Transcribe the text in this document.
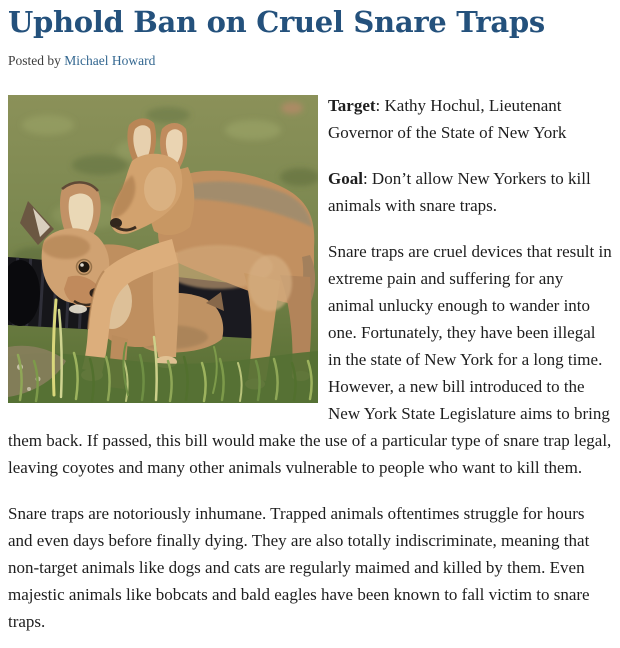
Uphold Ban on Cruel Snare Traps

Posted by Michael Howard

Target: Kathy Hochul, Lieutenant Governor of the State of New York

Goal: Don’t allow New Yorkers to kill animals with snare traps.

Snare traps are cruel devices that result in extreme pain and suffering for any animal unlucky enough to wander into one. Fortunately, they have been illegal in the state of New York for a long time. However, a new bill introduced to the New York State Legislature aims to bring them back. If passed, this bill would make the use of a particular type of snare trap legal, leaving coyotes and many other animals vulnerable to people who want to kill them.

Snare traps are notoriously inhumane. Trapped animals oftentimes struggle for hours and even days before finally dying. They are also totally indiscriminate, meaning that non-target animals like dogs and cats are regularly maimed and killed by them. Even majestic animals like bobcats and bald eagles have been known to fall victim to snare traps.
